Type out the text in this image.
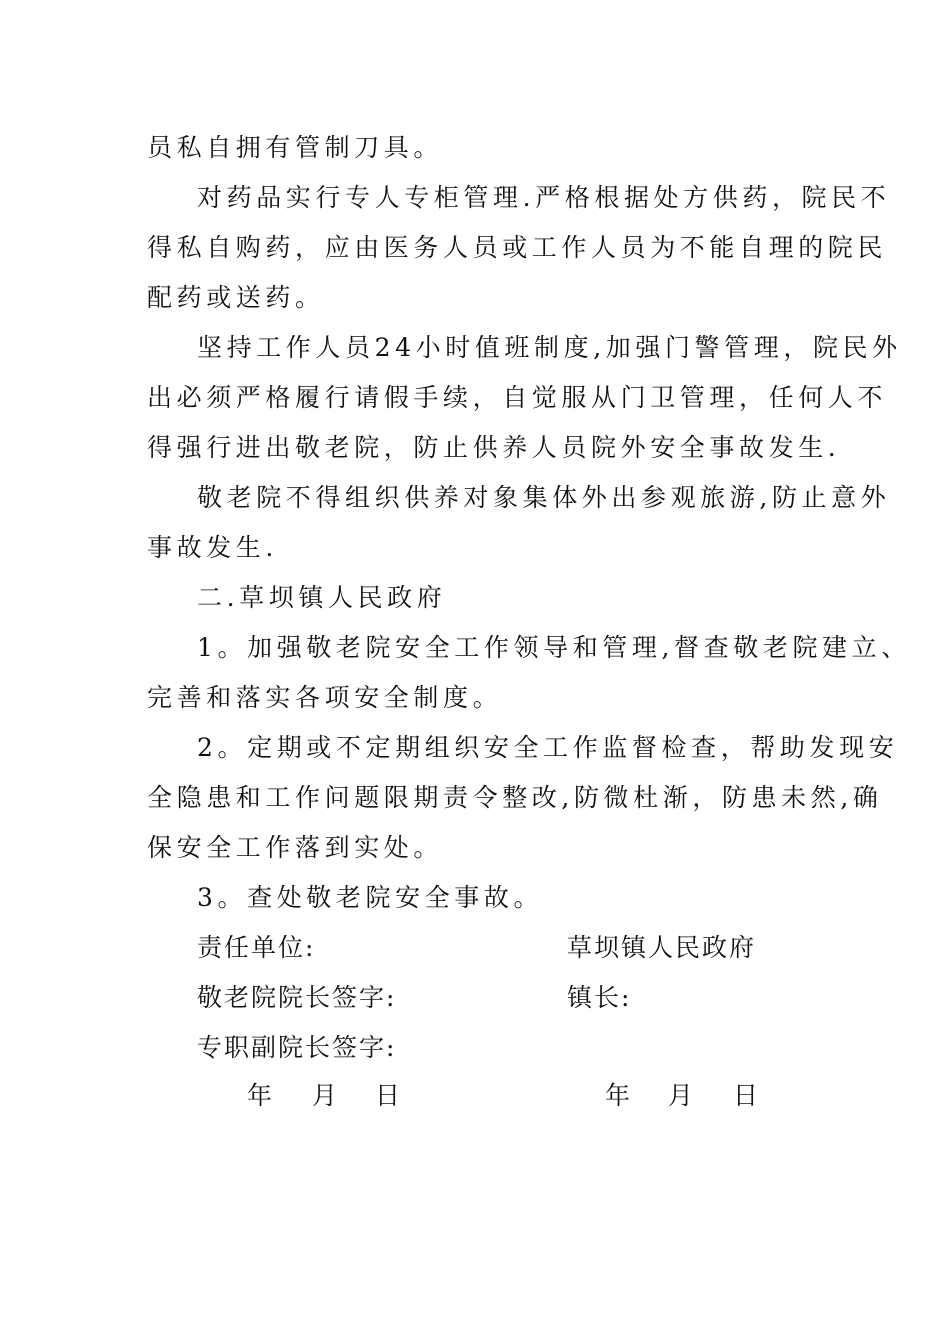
员私自拥有管制刀具。
对药品实行专人专柜管理.严格根据处方供药，院民不
得私自购药，应由医务人员或工作人员为不能自理的院民
配药或送药。
坚持工作人员24小时值班制度,加强门警管理，院民外
出必须严格履行请假手续，自觉服从门卫管理，任何人不
得强行进出敬老院，防止供养人员院外安全事故发生.
敬老院不得组织供养对象集体外出参观旅游,防止意外
事故发生.
二.草坝镇人民政府
1。加强敬老院安全工作领导和管理,督查敬老院建立、
完善和落实各项安全制度。
2。定期或不定期组织安全工作监督检查，帮助发现安
全隐患和工作问题限期责令整改,防微杜渐，防患未然,确
保安全工作落到实处。
3。查处敬老院安全事故。
责任单位:	草坝镇人民政府
敬老院院长签字:	镇长:
专职副院长签字:
年 月 日	年 月 日
